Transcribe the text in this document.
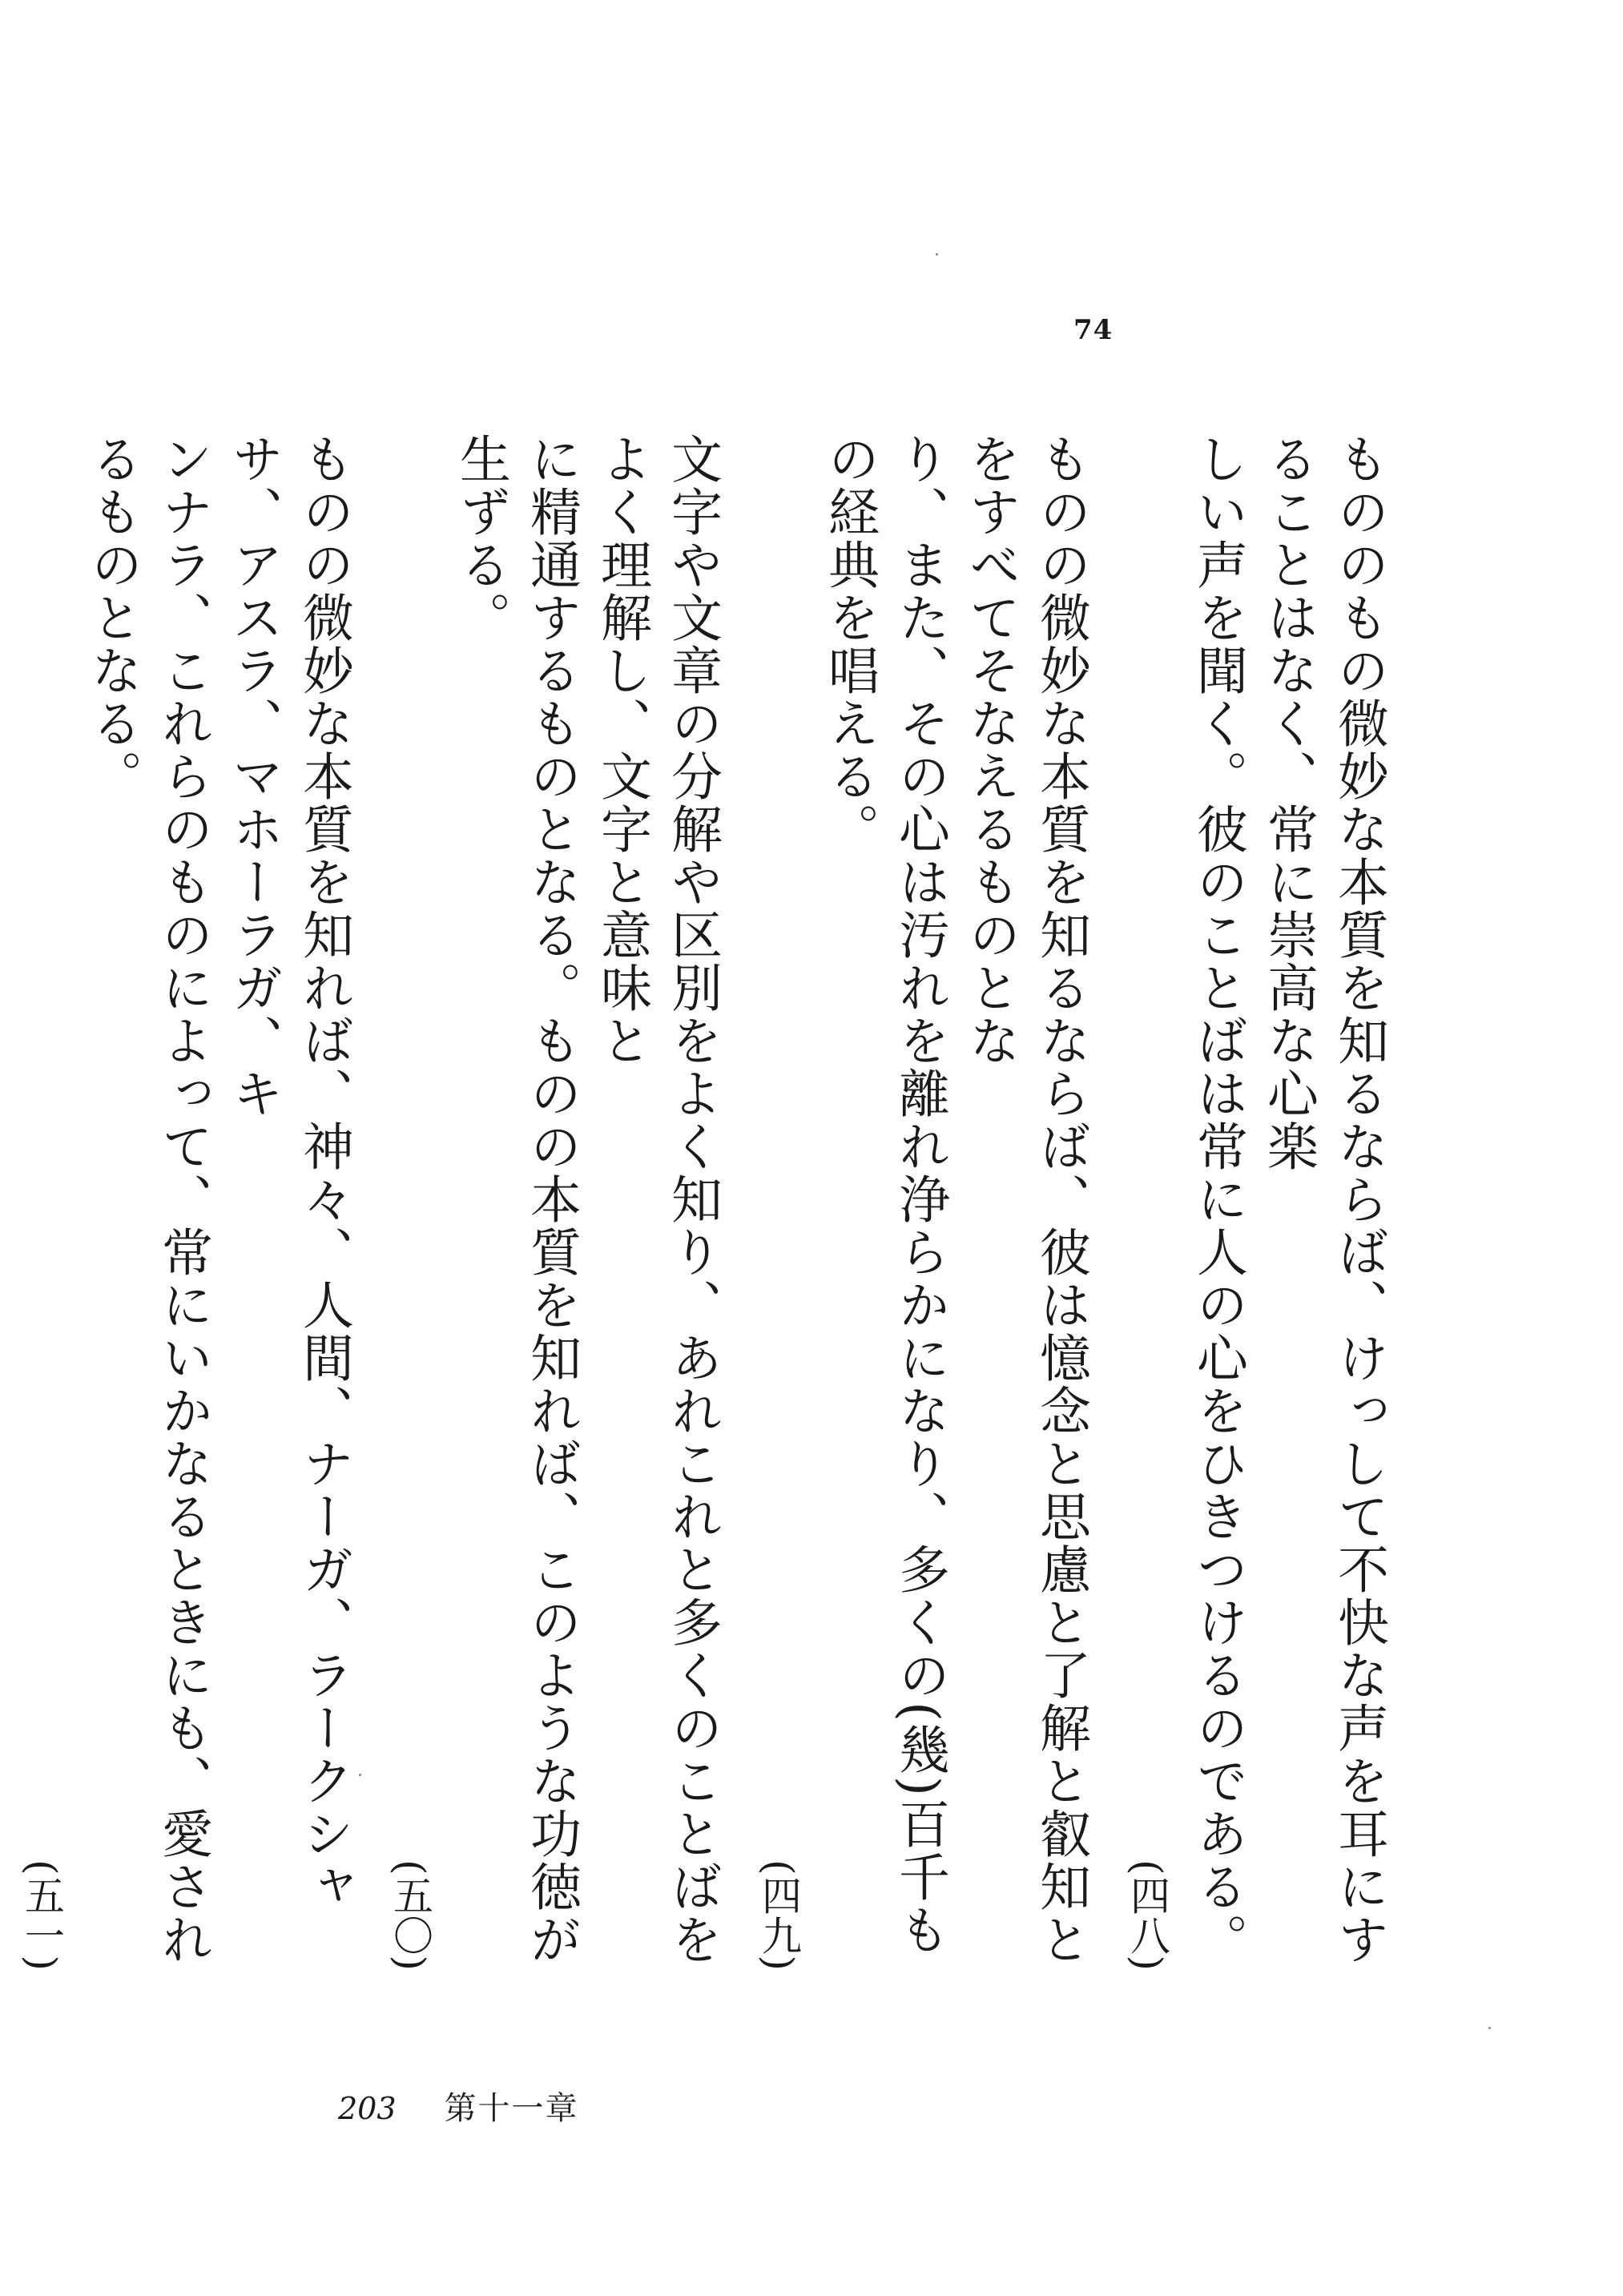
74

もののもの微妙な本質を知るならば、けっして不快な声を耳にすることはなく、常に崇高な心楽
しい声を聞く。彼のことばは常に人の心をひきつけるのである。
(四八)

ものの微妙な本質を知るならば、彼は憶念と思慮と了解と叡知とをすべてそなえるものとな
り、また、その心は汚れを離れ浄らかになり、多くの(幾)百千もの経典を唱える。
(四九)

文字や文章の分解や区別をよく知り、あれこれと多くのことばをよく理解し、文字と意味と
に精通するものとなる。ものの本質を知れば、このような功徳が生ずる。
(五〇)

ものの微妙な本質を知れば、神々、人間、ナーガ、ラークシャサ、アスラ、マホーラガ、キ
ンナラ、これらのものによって、常にいかなるときにも、愛されるものとなる。
(五一)

203 第十一章
